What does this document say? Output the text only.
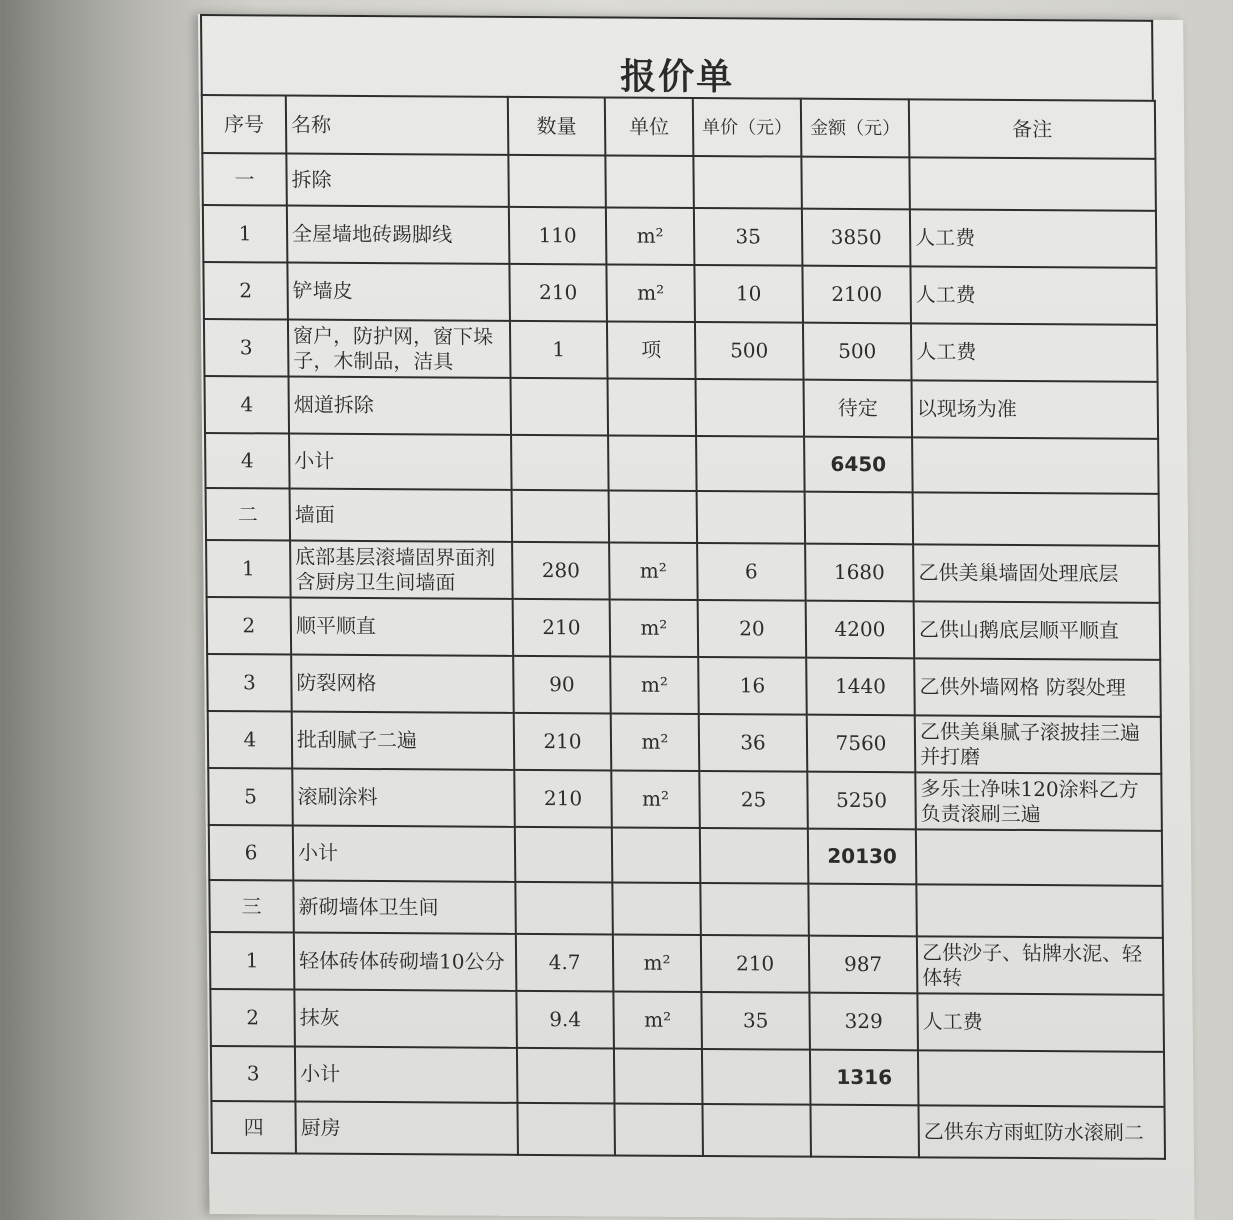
报价单
序号	名称	数量	单位	单价（元）	金额（元）	备注
一	拆除					
1	全屋墙地砖踢脚线	110	m²	35	3850	人工费
2	铲墙皮	210	m²	10	2100	人工费
3	窗户，防护网，窗下垛子，木制品，洁具	1	项	500	500	人工费
4	烟道拆除				待定	以现场为准
4	小计				6450	
二	墙面					
1	底部基层滚墙固界面剂含厨房卫生间墙面	280	m²	6	1680	乙供美巢墙固处理底层
2	顺平顺直	210	m²	20	4200	乙供山鹅底层顺平顺直
3	防裂网格	90	m²	16	1440	乙供外墙网格 防裂处理
4	批刮腻子二遍	210	m²	36	7560	乙供美巢腻子滚披挂三遍并打磨
5	滚刷涂料	210	m²	25	5250	多乐士净味120涂料乙方负责滚刷三遍
6	小计				20130	
三	新砌墙体卫生间					
1	轻体砖体砖砌墙10公分	4.7	m²	210	987	乙供沙子、钻牌水泥、轻体转
2	抹灰	9.4	m²	35	329	人工费
3	小计				1316	
四	厨房					乙供东方雨虹防水滚刷二
